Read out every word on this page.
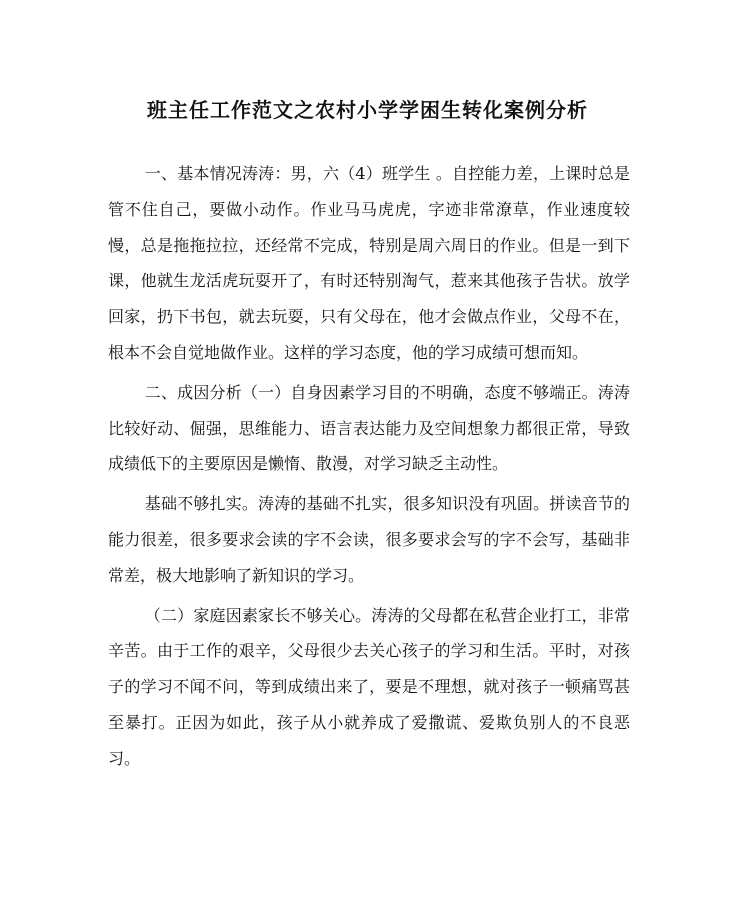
班主任工作范文之农村小学学困生转化案例分析

一、基本情况涛涛：男，六（4）班学生 。自控能力差，上课时总是管不住自己，要做小动作。作业马马虎虎，字迹非常潦草，作业速度较慢，总是拖拖拉拉，还经常不完成，特别是周六周日的作业。但是一到下课，他就生龙活虎玩耍开了，有时还特别淘气，惹来其他孩子告状。放学回家，扔下书包，就去玩耍，只有父母在，他才会做点作业，父母不在，根本不会自觉地做作业。这样的学习态度，他的学习成绩可想而知。

二、成因分析（一）自身因素学习目的不明确，态度不够端正。涛涛比较好动、倔强，思维能力、语言表达能力及空间想象力都很正常，导致成绩低下的主要原因是懒惰、散漫，对学习缺乏主动性。

基础不够扎实。涛涛的基础不扎实，很多知识没有巩固。拼读音节的能力很差，很多要求会读的字不会读，很多要求会写的字不会写，基础非常差，极大地影响了新知识的学习。

（二）家庭因素家长不够关心。涛涛的父母都在私营企业打工，非常辛苦。由于工作的艰辛，父母很少去关心孩子的学习和生活。平时，对孩子的学习不闻不问，等到成绩出来了，要是不理想，就对孩子一顿痛骂甚至暴打。正因为如此，孩子从小就养成了爱撒谎、爱欺负别人的不良恶习。
